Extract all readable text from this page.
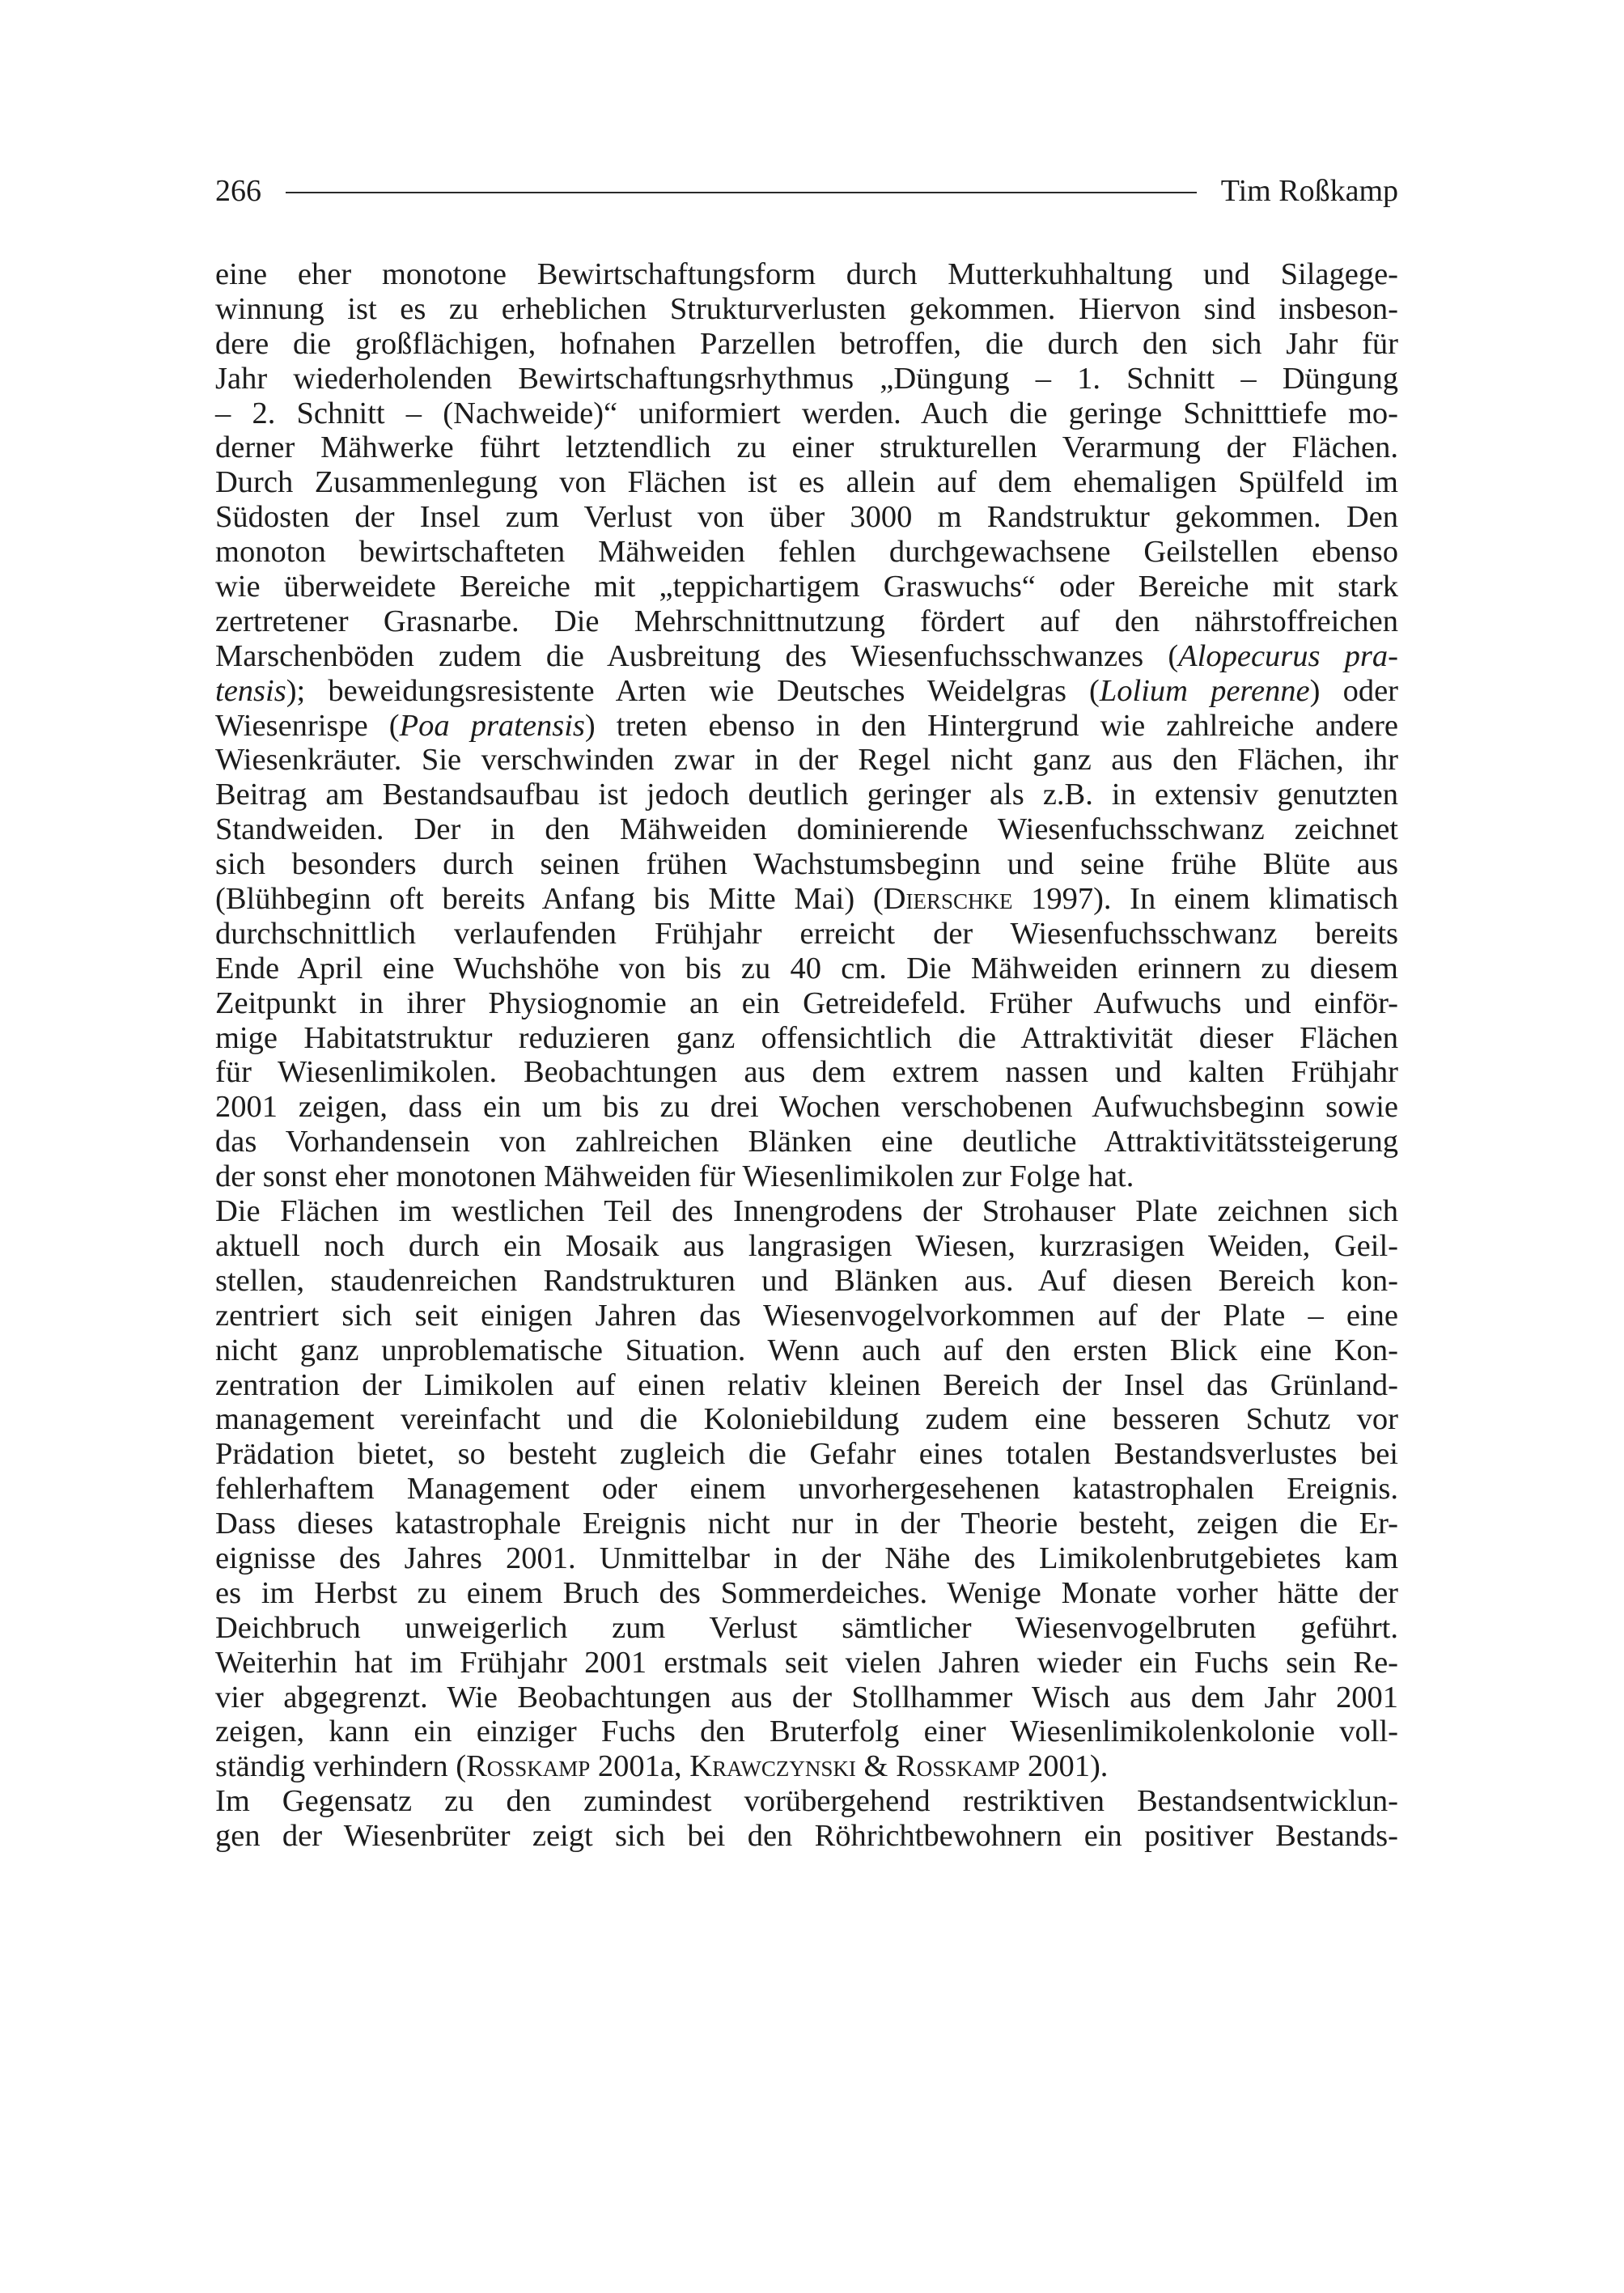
266	Tim Roßkamp
eine eher monotone Bewirtschaftungsform durch Mutterkuhhaltung und Silagege-
winnung ist es zu erheblichen Strukturverlusten gekommen. Hiervon sind insbeson-
dere die großflächigen, hofnahen Parzellen betroffen, die durch den sich Jahr für
Jahr wiederholenden Bewirtschaftungsrhythmus „Düngung – 1. Schnitt – Düngung
– 2. Schnitt – (Nachweide)“ uniformiert werden. Auch die geringe Schnitttiefe mo-
derner Mähwerke führt letztendlich zu einer strukturellen Verarmung der Flächen.
Durch Zusammenlegung von Flächen ist es allein auf dem ehemaligen Spülfeld im
Südosten der Insel zum Verlust von über 3000 m Randstruktur gekommen. Den
monoton bewirtschafteten Mähweiden fehlen durchgewachsene Geilstellen ebenso
wie überweidete Bereiche mit „teppichartigem Graswuchs“ oder Bereiche mit stark
zertretener Grasnarbe. Die Mehrschnittnutzung fördert auf den nährstoffreichen
Marschenböden zudem die Ausbreitung des Wiesenfuchsschwanzes (Alopecurus pra-
tensis); beweidungsresistente Arten wie Deutsches Weidelgras (Lolium perenne) oder
Wiesenrispe (Poa pratensis) treten ebenso in den Hintergrund wie zahlreiche andere
Wiesenkräuter. Sie verschwinden zwar in der Regel nicht ganz aus den Flächen, ihr
Beitrag am Bestandsaufbau ist jedoch deutlich geringer als z.B. in extensiv genutzten
Standweiden. Der in den Mähweiden dominierende Wiesenfuchsschwanz zeichnet
sich besonders durch seinen frühen Wachstumsbeginn und seine frühe Blüte aus
(Blühbeginn oft bereits Anfang bis Mitte Mai) (Dierschke 1997). In einem klimatisch
durchschnittlich verlaufenden Frühjahr erreicht der Wiesenfuchsschwanz bereits
Ende April eine Wuchshöhe von bis zu 40 cm. Die Mähweiden erinnern zu diesem
Zeitpunkt in ihrer Physiognomie an ein Getreidefeld. Früher Aufwuchs und einför-
mige Habitatstruktur reduzieren ganz offensichtlich die Attraktivität dieser Flächen
für Wiesenlimikolen. Beobachtungen aus dem extrem nassen und kalten Frühjahr
2001 zeigen, dass ein um bis zu drei Wochen verschobenen Aufwuchsbeginn sowie
das Vorhandensein von zahlreichen Blänken eine deutliche Attraktivitätssteigerung
der sonst eher monotonen Mähweiden für Wiesenlimikolen zur Folge hat.
Die Flächen im westlichen Teil des Innengrodens der Strohauser Plate zeichnen sich
aktuell noch durch ein Mosaik aus langrasigen Wiesen, kurzrasigen Weiden, Geil-
stellen, staudenreichen Randstrukturen und Blänken aus. Auf diesen Bereich kon-
zentriert sich seit einigen Jahren das Wiesenvogelvorkommen auf der Plate – eine
nicht ganz unproblematische Situation. Wenn auch auf den ersten Blick eine Kon-
zentration der Limikolen auf einen relativ kleinen Bereich der Insel das Grünland-
management vereinfacht und die Koloniebildung zudem eine besseren Schutz vor
Prädation bietet, so besteht zugleich die Gefahr eines totalen Bestandsverlustes bei
fehlerhaftem Management oder einem unvorhergesehenen katastrophalen Ereignis.
Dass dieses katastrophale Ereignis nicht nur in der Theorie besteht, zeigen die Er-
eignisse des Jahres 2001. Unmittelbar in der Nähe des Limikolenbrutgebietes kam
es im Herbst zu einem Bruch des Sommerdeiches. Wenige Monate vorher hätte der
Deichbruch unweigerlich zum Verlust sämtlicher Wiesenvogelbruten geführt.
Weiterhin hat im Frühjahr 2001 erstmals seit vielen Jahren wieder ein Fuchs sein Re-
vier abgegrenzt. Wie Beobachtungen aus der Stollhammer Wisch aus dem Jahr 2001
zeigen, kann ein einziger Fuchs den Bruterfolg einer Wiesenlimikolenkolonie voll-
ständig verhindern (Rosskamp 2001a, Krawczynski & Rosskamp 2001).
Im Gegensatz zu den zumindest vorübergehend restriktiven Bestandsentwicklun-
gen der Wiesenbrüter zeigt sich bei den Röhrichtbewohnern ein positiver Bestands-
